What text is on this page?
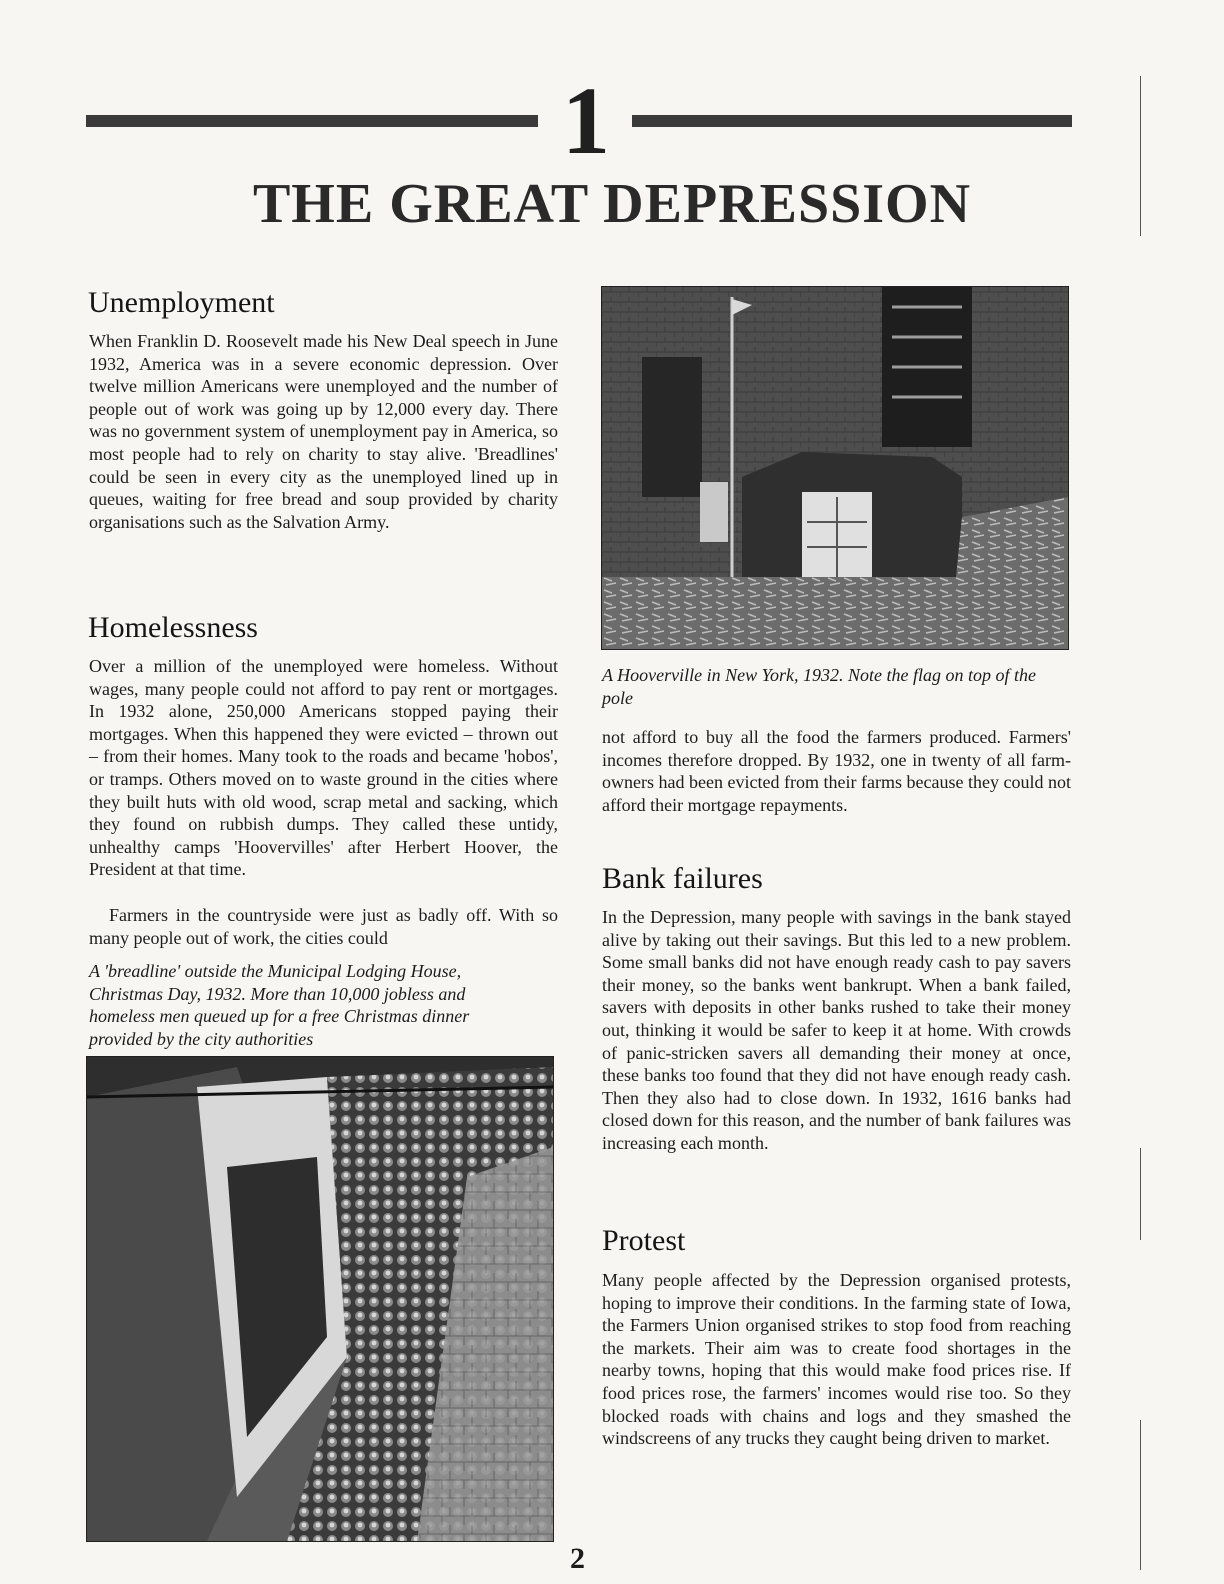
1
THE GREAT DEPRESSION
Unemployment

When Franklin D. Roosevelt made his New Deal speech in June 1932, America was in a severe economic depression. Over twelve million Americans were unemployed and the number of people out of work was going up by 12,000 every day. There was no government system of unemployment pay in America, so most people had to rely on charity to stay alive. 'Breadlines' could be seen in every city as the unemployed lined up in queues, waiting for free bread and soup provided by charity organisations such as the Salvation Army.

Homelessness

Over a million of the unemployed were homeless. Without wages, many people could not afford to pay rent or mortgages. In 1932 alone, 250,000 Americans stopped paying their mortgages. When this happened they were evicted – thrown out – from their homes. Many took to the roads and became 'hobos', or tramps. Others moved on to waste ground in the cities where they built huts with old wood, scrap metal and sacking, which they found on rubbish dumps. They called these untidy, unhealthy camps 'Hoovervilles' after Herbert Hoover, the President at that time.

Farmers in the countryside were just as badly off. With so many people out of work, the cities could

A 'breadline' outside the Municipal Lodging House, Christmas Day, 1932. More than 10,000 jobless and homeless men queued up for a free Christmas dinner provided by the city authorities

A Hooverville in New York, 1932. Note the flag on top of the pole

not afford to buy all the food the farmers produced. Farmers' incomes therefore dropped. By 1932, one in twenty of all farm-owners had been evicted from their farms because they could not afford their mortgage repayments.

Bank failures

In the Depression, many people with savings in the bank stayed alive by taking out their savings. But this led to a new problem. Some small banks did not have enough ready cash to pay savers their money, so the banks went bankrupt. When a bank failed, savers with deposits in other banks rushed to take their money out, thinking it would be safer to keep it at home. With crowds of panic-stricken savers all demanding their money at once, these banks too found that they did not have enough ready cash. Then they also had to close down. In 1932, 1616 banks had closed down for this reason, and the number of bank failures was increasing each month.

Protest

Many people affected by the Depression organised protests, hoping to improve their conditions. In the farming state of Iowa, the Farmers Union organised strikes to stop food from reaching the markets. Their aim was to create food shortages in the nearby towns, hoping that this would make food prices rise. If food prices rose, the farmers' incomes would rise too. So they blocked roads with chains and logs and they smashed the windscreens of any trucks they caught being driven to market.

2
